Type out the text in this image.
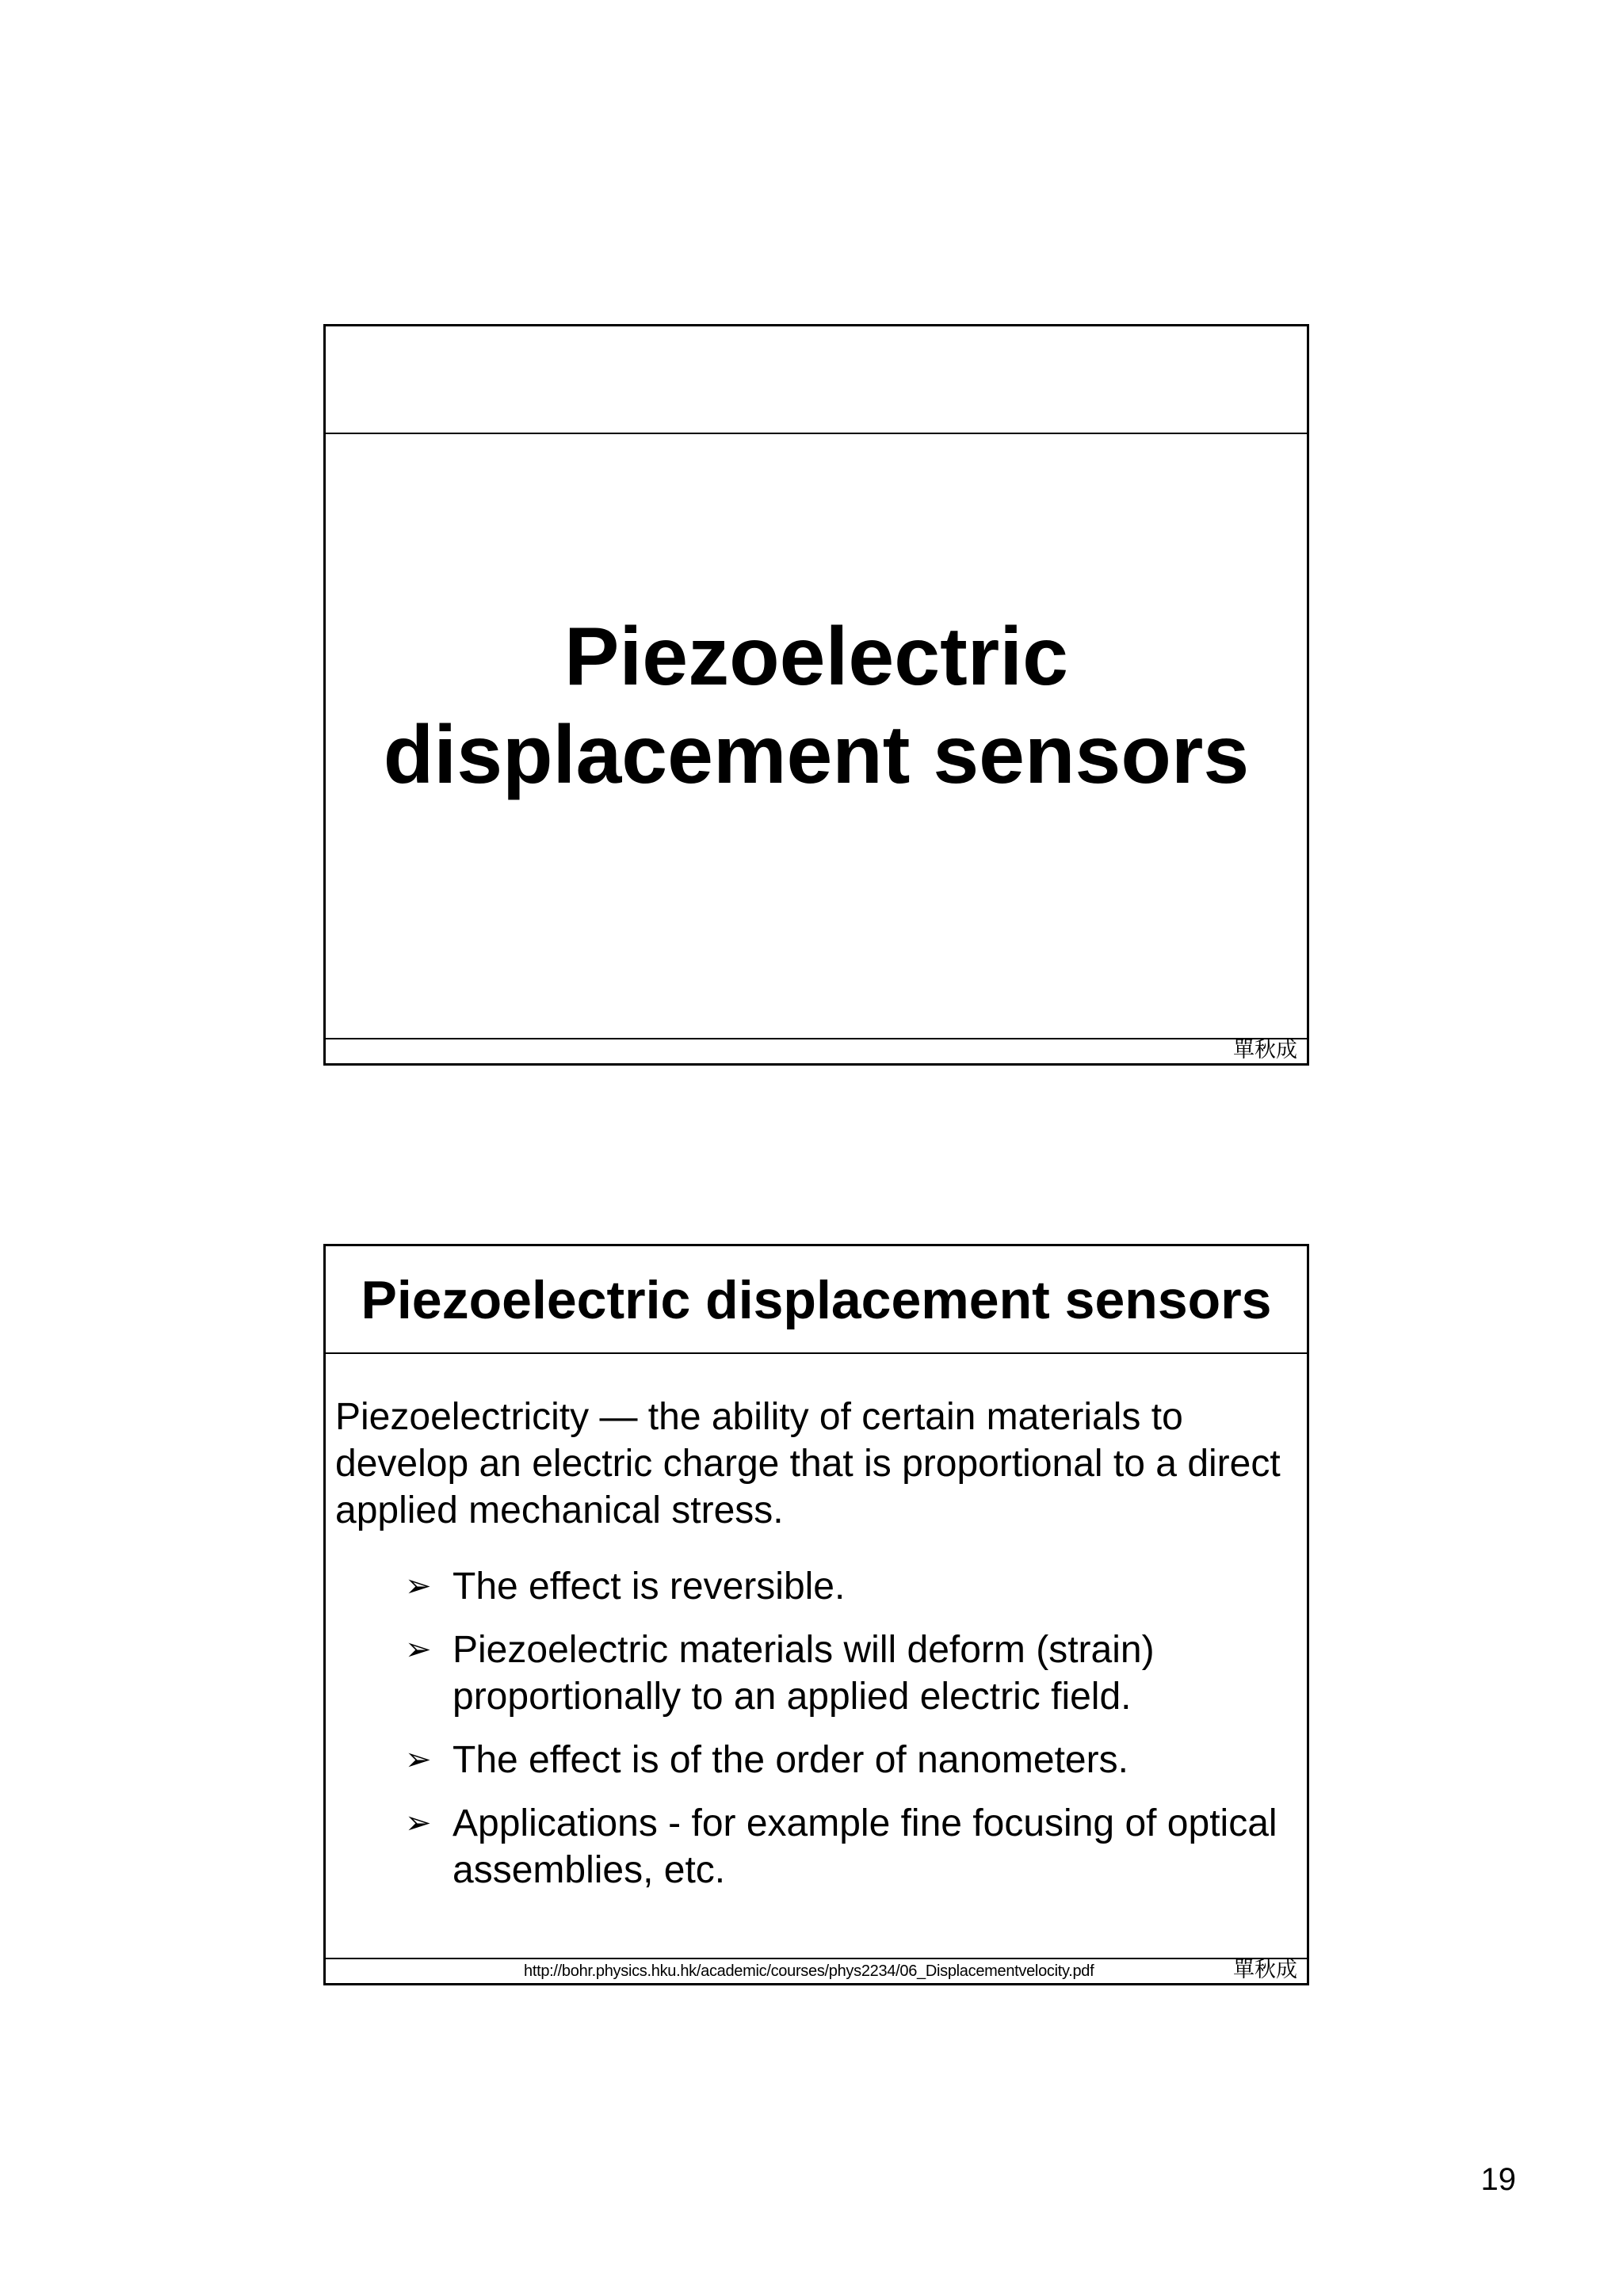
Piezoelectric
displacement sensors
單秋成
Piezoelectric displacement sensors
Piezoelectricity — the ability of certain materials to develop an electric charge that is proportional to a direct applied mechanical stress.
➢ The effect is reversible.
➢ Piezoelectric materials will deform (strain) proportionally to an applied electric field.
➢ The effect is of the order of nanometers.
➢ Applications - for example fine focusing of optical assemblies, etc.
http://bohr.physics.hku.hk/academic/courses/phys2234/06_Displacementvelocity.pdf	單秋成
19
